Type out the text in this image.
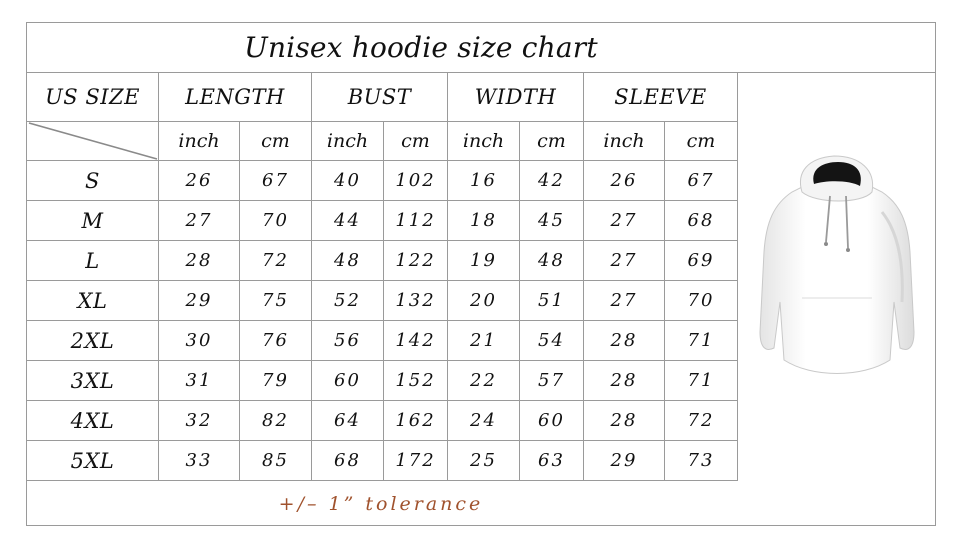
Unisex hoodie size chart
US SIZE	LENGTH		BUST		WIDTH		SLEEVE	

	inch	cm	inch	cm	inch	cm	inch	cm
S	26	67	40	102	16	42	26	67
M	27	70	44	112	18	45	27	68
L	28	72	48	122	19	48	27	69
XL	29	75	52	132	20	51	27	70
2XL	30	76	56	142	21	54	28	71
3XL	31	79	60	152	22	57	28	71
4XL	32	82	64	162	24	60	28	72
5XL	33	85	68	172	25	63	29	73
+/– 1” tolerance
